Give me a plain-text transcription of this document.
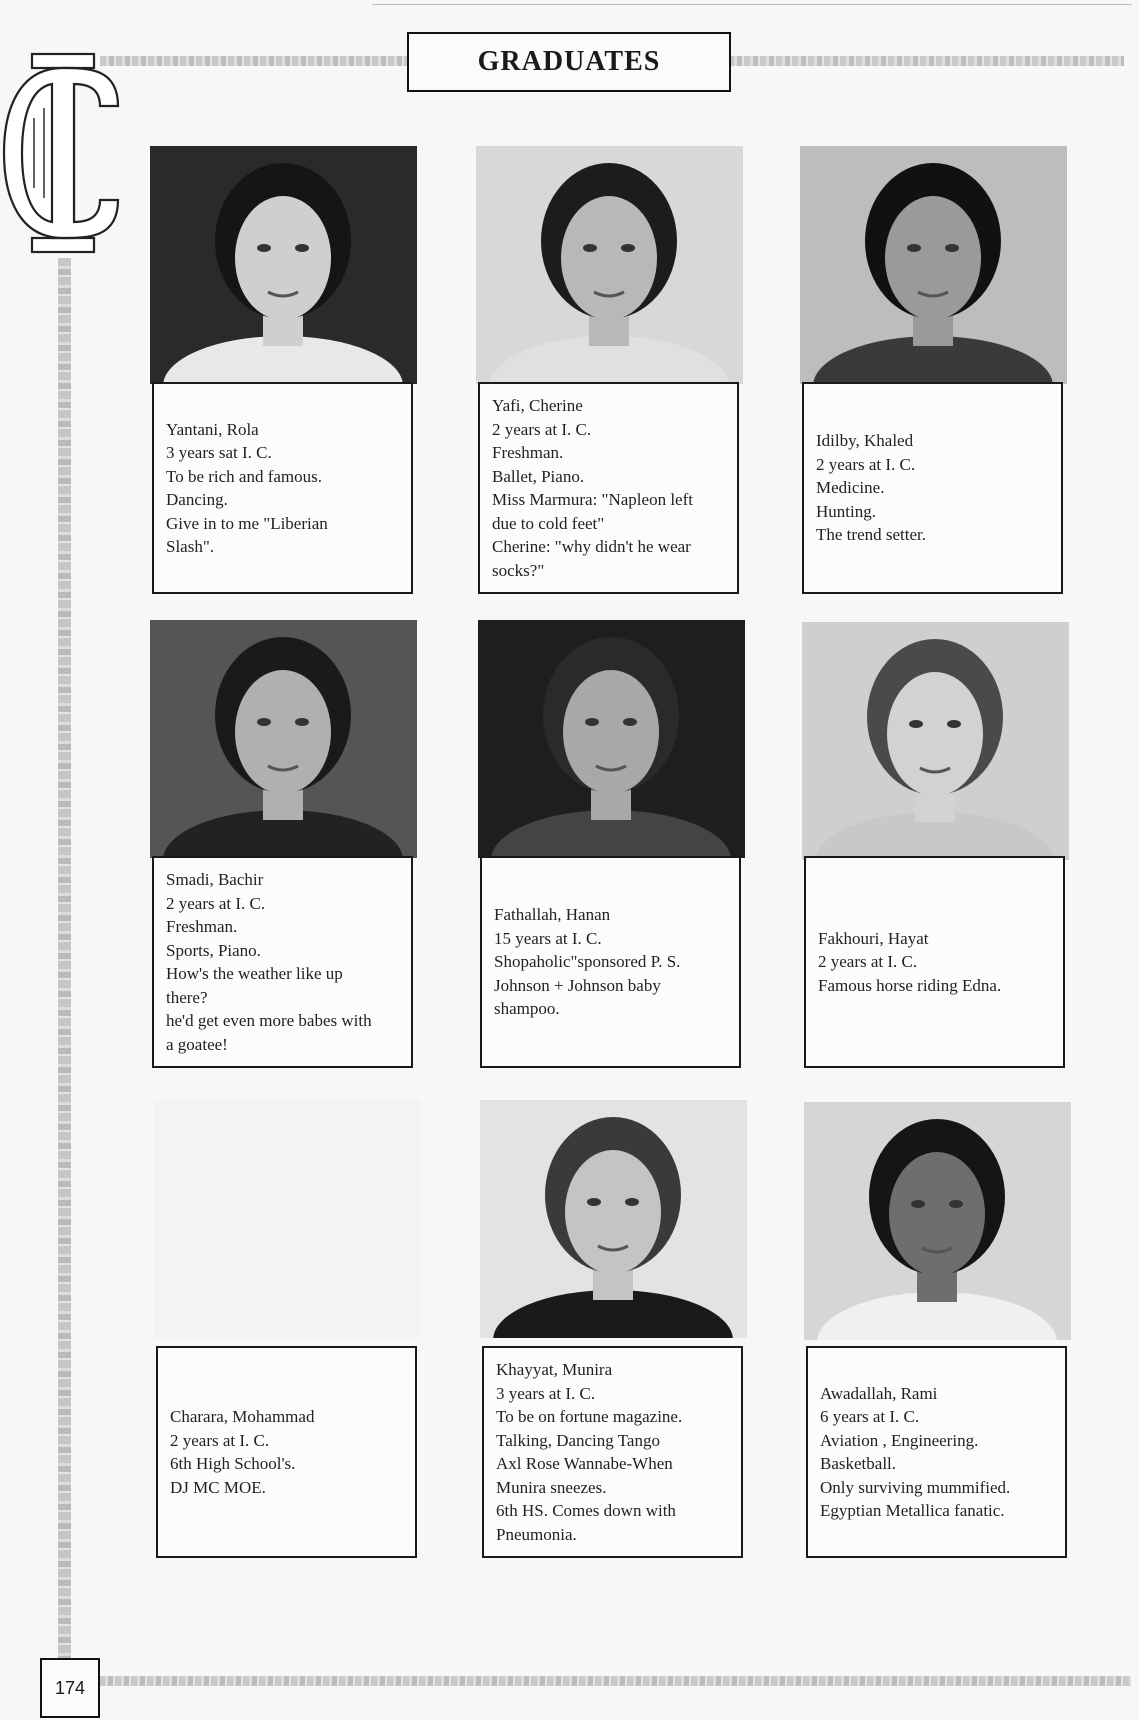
GRADUATES
174
Yantani, Rola
3 years sat I. C.
To be rich and famous.
Dancing.
Give in to me "Liberian
Slash".
Yafi, Cherine
2 years at I. C.
Freshman.
Ballet, Piano.
Miss Marmura: "Napleon left
due to cold feet"
Cherine: "why didn't he wear
socks?"
Idilby, Khaled
2 years at I. C.
Medicine.
Hunting.
The trend setter.
Smadi, Bachir
2 years at I. C.
Freshman.
Sports, Piano.
How's the weather like up
there?
he'd get even more babes with
a goatee!
Fathallah, Hanan
15 years at I. C.
Shopaholic"sponsored P. S.
Johnson + Johnson baby
shampoo.
Fakhouri, Hayat
2 years at I. C.
Famous horse riding Edna.
Charara, Mohammad
2 years at I. C.
6th High School's.
DJ MC MOE.
Khayyat, Munira
3 years at I. C.
To be on fortune magazine.
Talking, Dancing Tango
Axl Rose Wannabe-When
Munira sneezes.
6th HS. Comes down with
Pneumonia.
Awadallah, Rami
6 years at I. C.
Aviation , Engineering.
Basketball.
Only surviving mummified.
Egyptian Metallica fanatic.
